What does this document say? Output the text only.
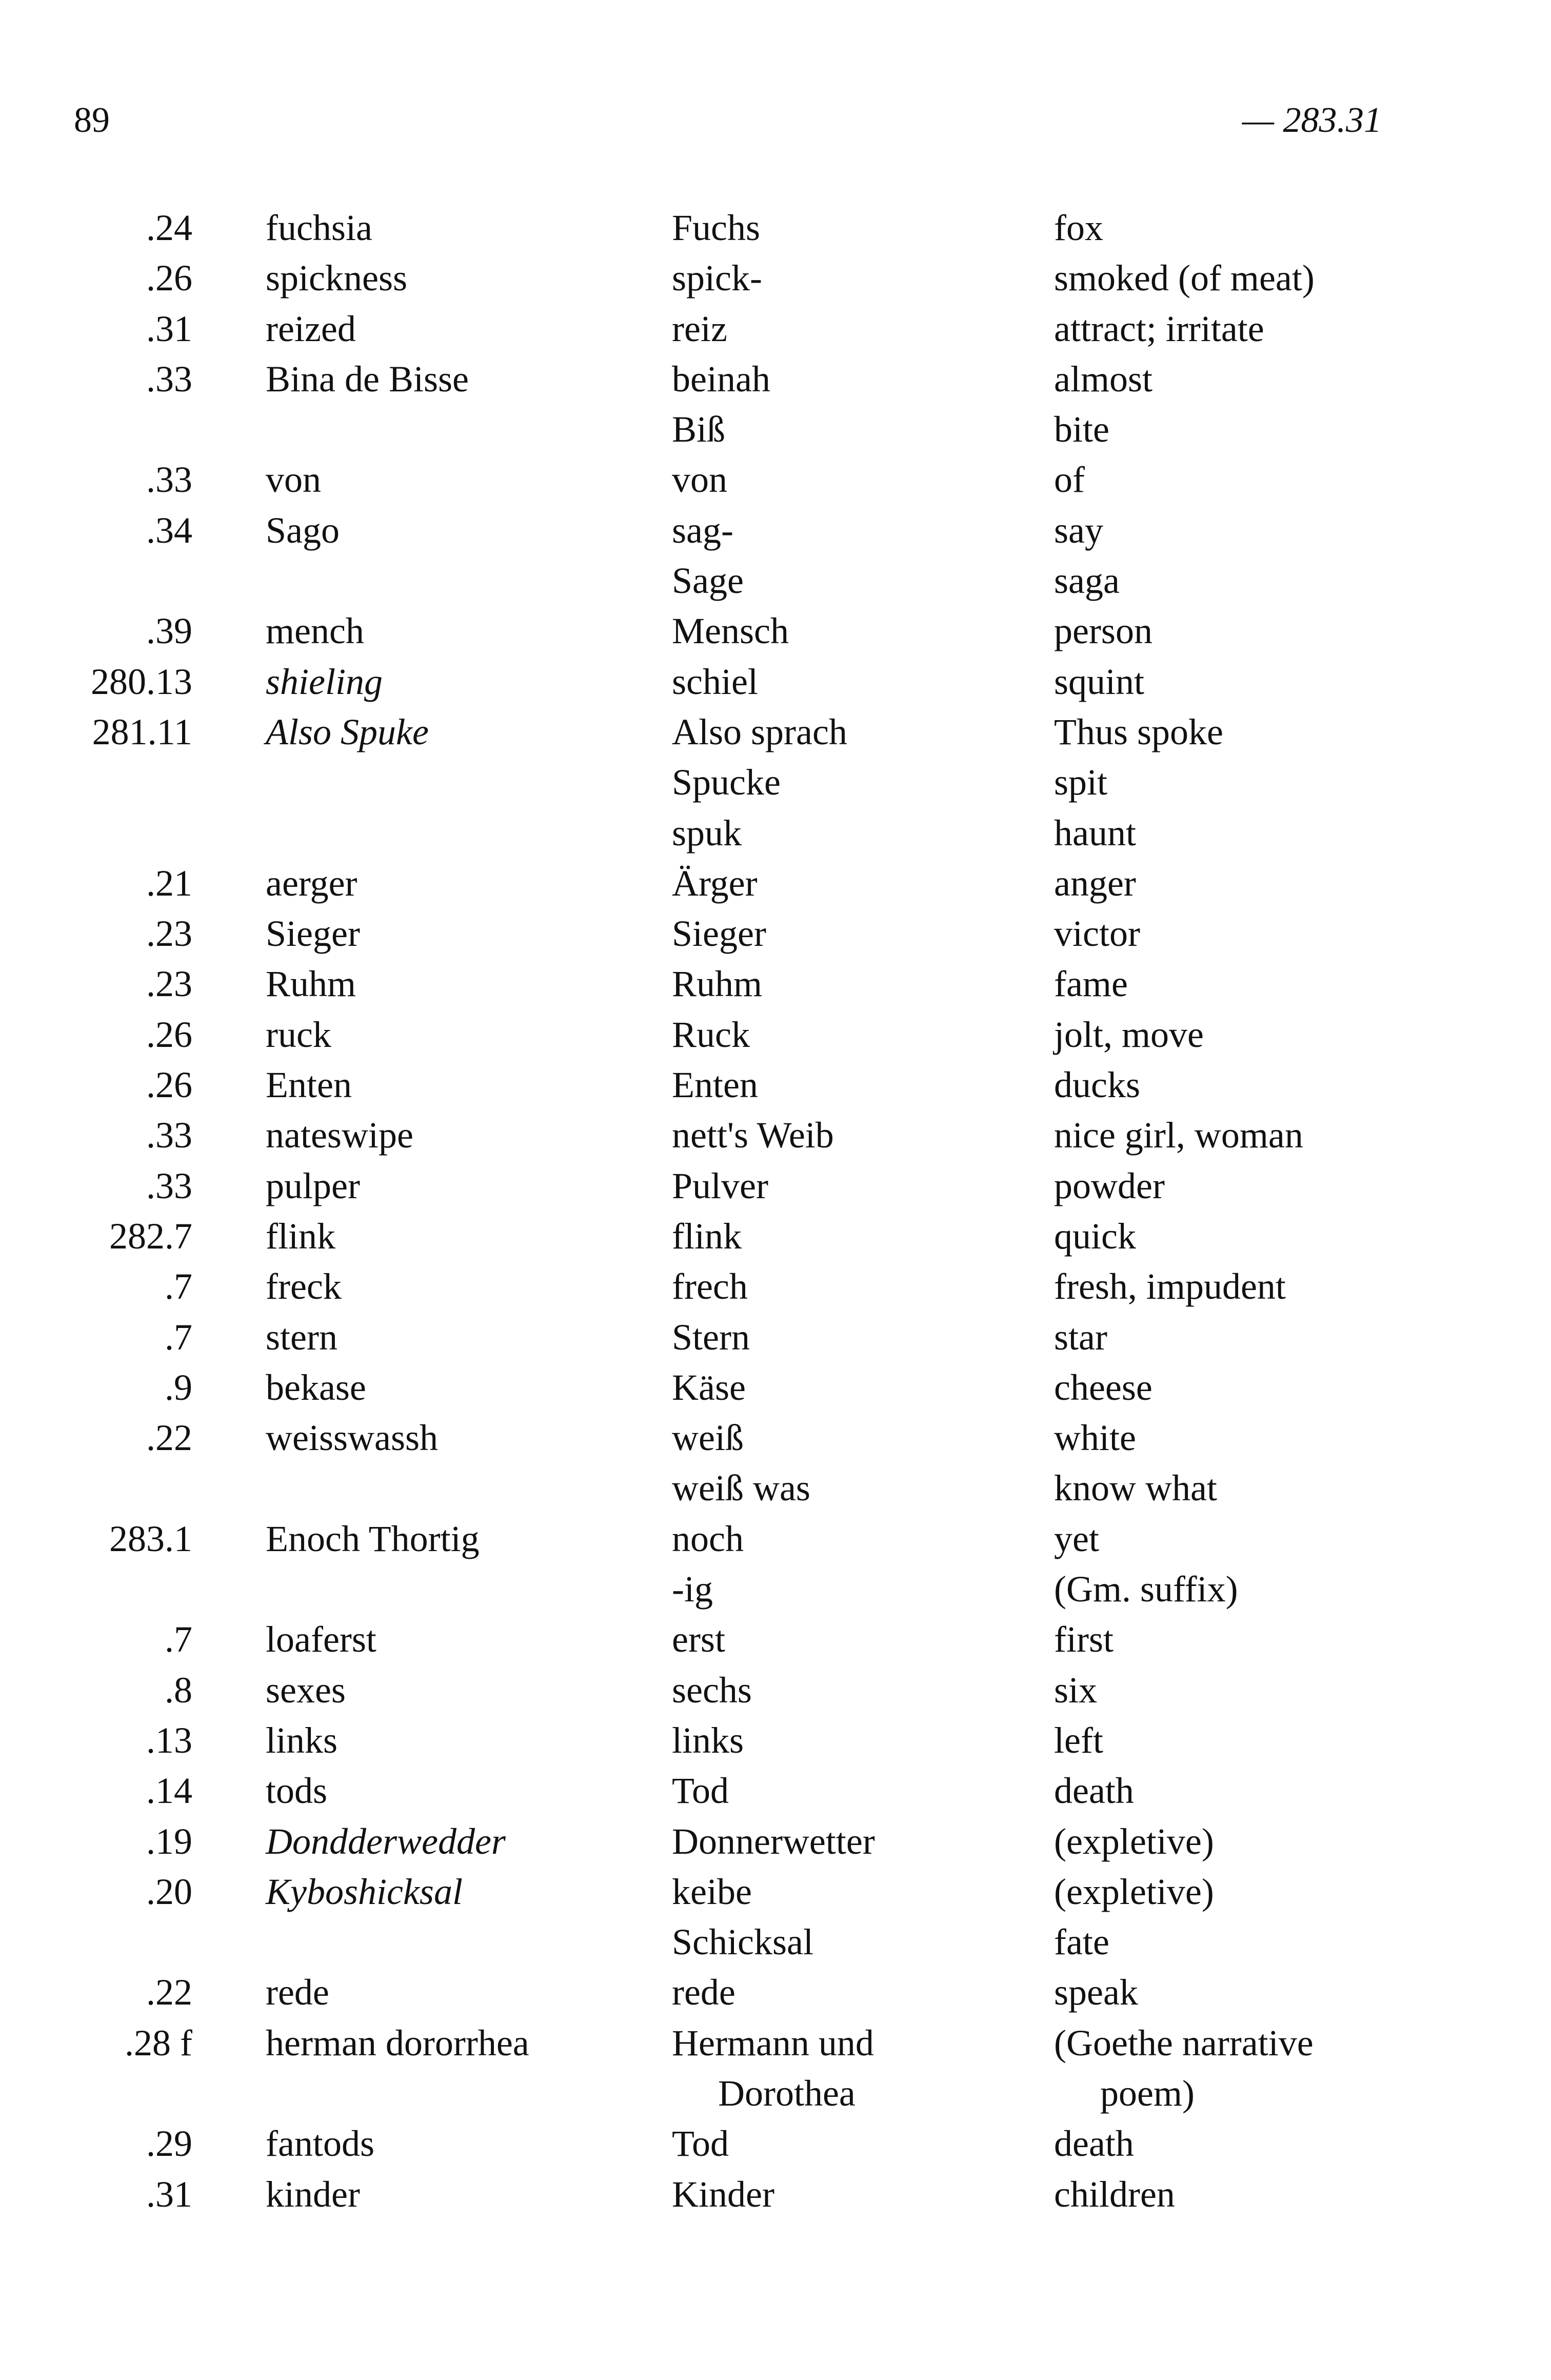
89	— 283.31
.24 fuchsia	Fuchs	fox
.26 spickness	spick-	smoked (of meat)
.31 reized	reiz	attract; irritate
.33 Bina de Bisse	beinah	almost
Biß	bite
.33 von	von	of
.34 Sago	sag-	say
Sage	saga
.39 mench	Mensch	person
280.13 shieling	schiel	squint
281.11 Also Spuke	Also sprach	Thus spoke
Spucke	spit
spuk	haunt
.21 aerger	Ärger	anger
.23 Sieger	Sieger	victor
.23 Ruhm	Ruhm	fame
.26 ruck	Ruck	jolt, move
.26 Enten	Enten	ducks
.33 nateswipe	nett's Weib	nice girl, woman
.33 pulper	Pulver	powder
282.7 flink	flink	quick
.7 freck	frech	fresh, impudent
.7 stern	Stern	star
.9 bekase	Käse	cheese
.22 weisswassh	weiß	white
weiß was	know what
283.1 Enoch Thortig	noch	yet
-ig	(Gm. suffix)
.7 loaferst	erst	first
.8 sexes	sechs	six
.13 links	links	left
.14 tods	Tod	death
.19 Dondderwedder	Donnerwetter	(expletive)
.20 Kyboshicksal	keibe	(expletive)
Schicksal	fate
.22 rede	rede	speak
.28 f herman dororrhea	Hermann und	(Goethe narrative
Dorothea	poem)
.29 fantods	Tod	death
.31 kinder	Kinder	children
